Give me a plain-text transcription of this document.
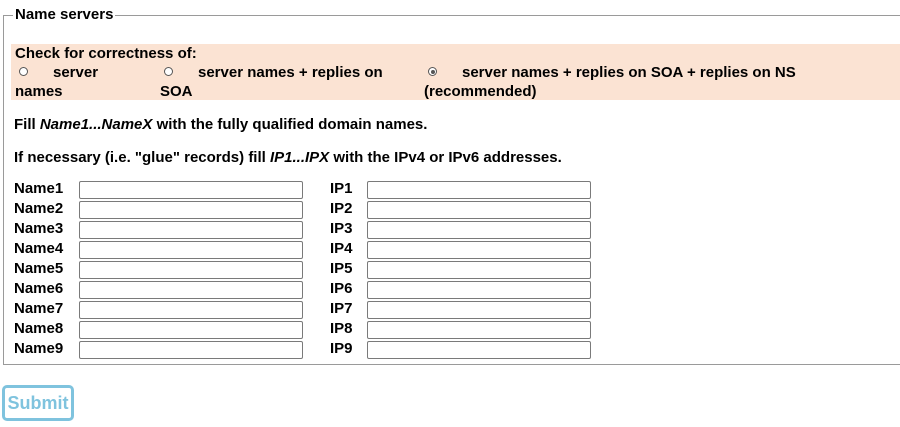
Name servers
Check for correctness of:
server
names
server names + replies on
SOA
server names + replies on SOA + replies on NS
(recommended)
Fill Name1...NameX with the fully qualified domain names.
If necessary (i.e. "glue" records) fill IP1...IPX with the IPv4 or IPv6 addresses.
Name1	IP1
Name2	IP2
Name3	IP3
Name4	IP4
Name5	IP5
Name6	IP6
Name7	IP7
Name8	IP8
Name9	IP9
Submit
